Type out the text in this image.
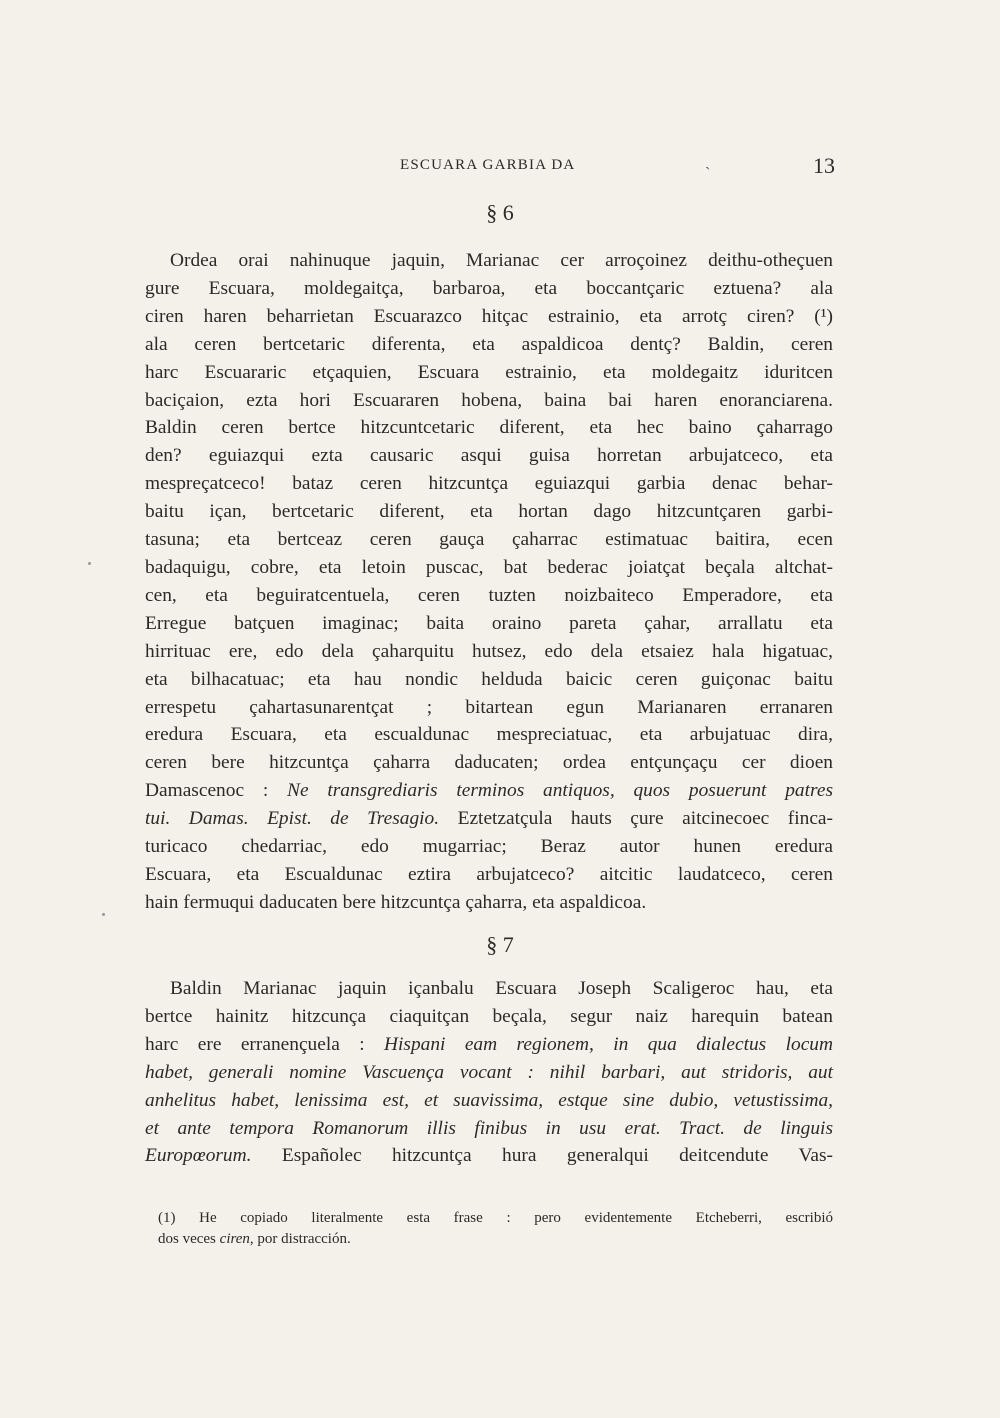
ESCUARA GARBIA DA	ˎ	13
§ 6
Ordea orai nahinuque jaquin, Marianac cer arroçoinez deithu-otheçuen
gure Escuara, moldegaitça, barbaroa, eta boccantçaric eztuena? ala
ciren haren beharrietan Escuarazco hitçac estrainio, eta arrotç ciren? (¹)
ala ceren bertcetaric diferenta, eta aspaldicoa dentç? Baldin, ceren
harc Escuararic etçaquien, Escuara estrainio, eta moldegaitz iduritcen
baciçaion, ezta hori Escuararen hobena, baina bai haren enoranciarena.
Baldin ceren bertce hitzcuntcetaric diferent, eta hec baino çaharrago
den? eguiazqui ezta causaric asqui guisa horretan arbujatceco, eta
mespreçatceco! bataz ceren hitzcuntça eguiazqui garbia denac behar-
baitu içan, bertcetaric diferent, eta hortan dago hitzcuntçaren garbi-
tasuna; eta bertceaz ceren gauça çaharrac estimatuac baitira, ecen
badaquigu, cobre, eta letoin puscac, bat bederac joiatçat beçala altchat-
cen, eta beguiratcentuela, ceren tuzten noizbaiteco Emperadore, eta
Erregue batçuen imaginac; baita oraino pareta çahar, arrallatu eta
hirrituac ere, edo dela çaharquitu hutsez, edo dela etsaiez hala higatuac,
eta bilhacatuac; eta hau nondic helduda baicic ceren guiçonac baitu
errespetu çahartasunarentçat ; bitartean egun Marianaren erranaren
eredura Escuara, eta escualdunac mespreciatuac, eta arbujatuac dira,
ceren bere hitzcuntça çaharra daducaten; ordea entçunçaçu cer dioen
Damascenoc : Ne transgrediaris terminos antiquos, quos posuerunt patres
tui. Damas. Epist. de Tresagio. Eztetzatçula hauts çure aitcinecoec finca-
turicaco chedarriac, edo mugarriac; Beraz autor hunen eredura
Escuara, eta Escualdunac eztira arbujatceco? aitcitic laudatceco, ceren
hain fermuqui daducaten bere hitzcuntça çaharra, eta aspaldicoa.
§ 7
Baldin Marianac jaquin içanbalu Escuara Joseph Scaligeroc hau, eta
bertce hainitz hitzcunça ciaquitçan beçala, segur naiz harequin batean
harc ere erranençuela : Hispani eam regionem, in qua dialectus locum
habet, generali nomine Vascuença vocant : nihil barbari, aut stridoris, aut
anhelitus habet, lenissima est, et suavissima, estque sine dubio, vetustissima,
et ante tempora Romanorum illis finibus in usu erat. Tract. de linguis
Europœorum. Españolec hitzcuntça hura generalqui deitcendute Vas-
(1) He copiado literalmente esta frase : pero evidentemente Etcheberri, escribió
dos veces ciren, por distracción.
